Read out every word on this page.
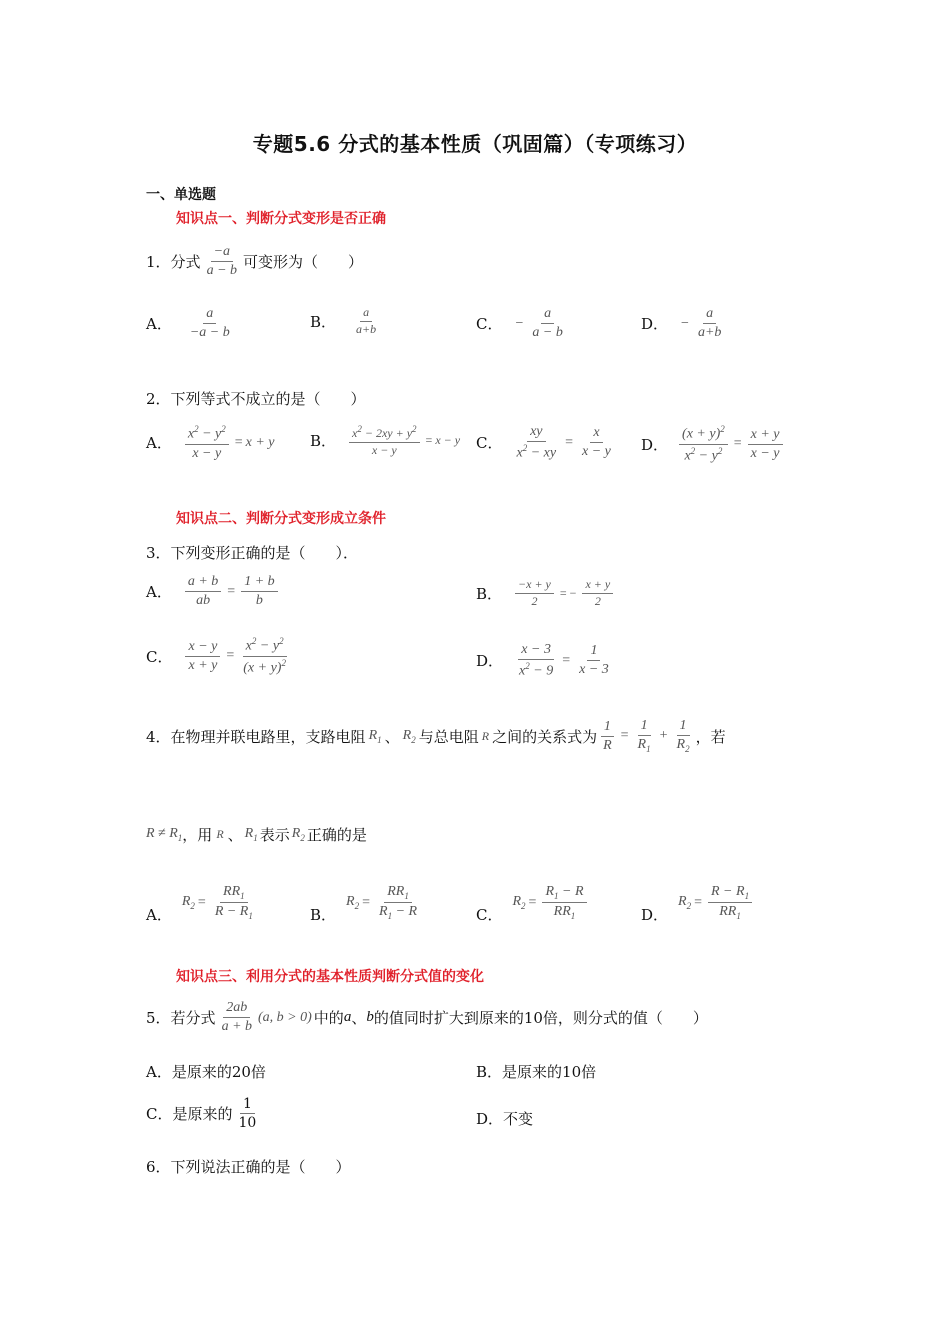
专题5.6 分式的基本性质（巩固篇）（专项练习）
一、单选题
知识点一、判断分式变形是否正确
1． 分式 $\frac{-a}{a - b}$ 可变形为（　　）
A． $\frac{a}{-a - b}$	B． $\frac{a}{a+b}$	C． − $\frac{a}{a - b}$	D． − $\frac{a}{a+b}$
2．下列等式不成立的是（　　）
A． $\frac{x^2 - y^2}{x - y} = x + y$ B． $\frac{x^2 - 2xy + y^2}{x - y} = x - y$ C． $\frac{xy}{x^2 - xy} = \frac{x}{x - y}$ D． $\frac{(x + y)^2}{x^2 - y^2} = \frac{x + y}{x - y}$
知识点二、判断分式变形成立条件
3．下列变形正确的是（　　）．
A． $\frac{a + b}{ab} = \frac{1 + b}{b}$	B． $\frac{-x + y}{2}$ = − $\frac{x + y}{2}$
C． $\frac{x - y}{x + y} = \frac{x^2 - y^2}{(x + y)^2}$	D． $\frac{x - 3}{x^2 - 9} = \frac{1}{x - 3}$
4． 在物理并联电路里，支路电阻 $R_1$ 、 $R_2$ 与总电阻 R 之间的关系式为 $\frac{1}{R} = \frac{1}{R_1} + \frac{1}{R_2}$ ，若
$R \ne R_1$ ，用 R 、 $R_1$ 表示 $R_2$ 正确的是
A．
$R_2 = \frac{RR_1}{R - R_1}$	B．
$R_2 = \frac{RR_1}{R_1 - R}$	C．
$R_2 = \frac{R_1 - R}{RR_1}$	D．
$R_2 = \frac{R - R_1}{RR_1}$
知识点三、利用分式的基本性质判断分式值的变化
5． 若分式 $\frac{2ab}{a + b} (a$, b > 0) 中的 a 、 b 的值同时扩大到原来的10倍，则分式的值（　　）
A．是原来的20倍	B．是原来的10倍
C．是原来的 $\frac{1}{10}$	D．不变
6．下列说法正确的是（　　）
